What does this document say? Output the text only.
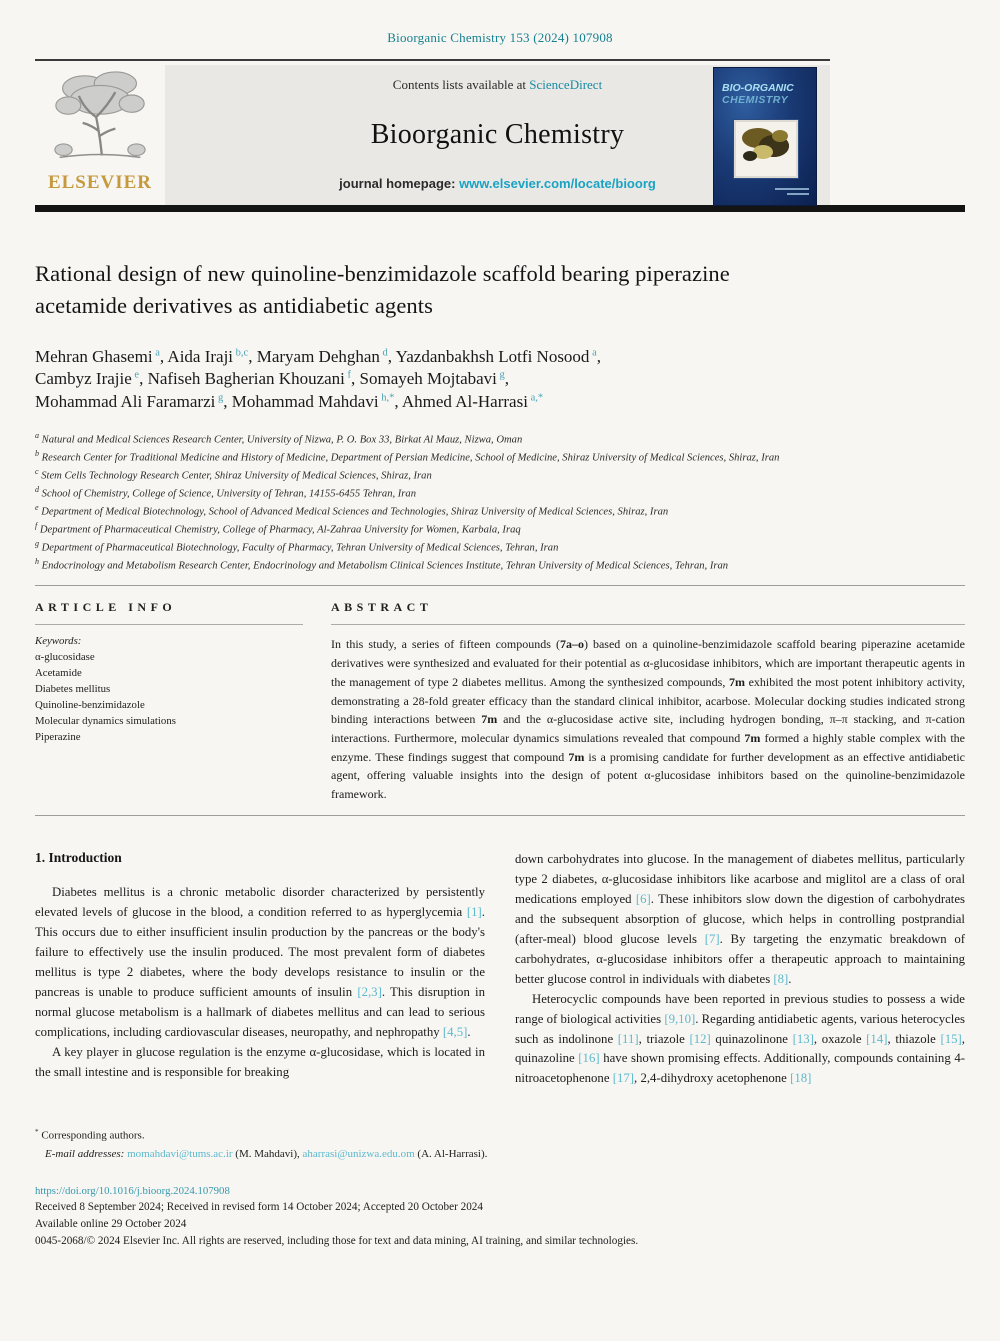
Bioorganic Chemistry 153 (2024) 107908
ELSEVIER
Contents lists available at ScienceDirect
Bioorganic Chemistry
journal homepage: www.elsevier.com/locate/bioorg
BIO-ORGANIC
CHEMISTRY
Rational design of new quinoline-benzimidazole scaffold bearing piperazine acetamide derivatives as antidiabetic agents
Mehran Ghasemi $^a$, Aida Iraji $^{b,c}$, Maryam Dehghan $^d$, Yazdanbakhsh Lotfi Nosood $^a$,
Cambyz Irajie $^e$, Nafiseh Bagherian Khouzani $^f$, Somayeh Mojtabavi $^g$,
Mohammad Ali Faramarzi $^g$, Mohammad Mahdavi $^{h,*}$, Ahmed Al-Harrasi $^{a,*}$
$^a$ Natural and Medical Sciences Research Center, University of Nizwa, P. O. Box 33, Birkat Al Mauz, Nizwa, Oman
$^b$ Research Center for Traditional Medicine and History of Medicine, Department of Persian Medicine, School of Medicine, Shiraz University of Medical Sciences, Shiraz, Iran
$^c$ Stem Cells Technology Research Center, Shiraz University of Medical Sciences, Shiraz, Iran
$^d$ School of Chemistry, College of Science, University of Tehran, 14155-6455 Tehran, Iran
$^e$ Department of Medical Biotechnology, School of Advanced Medical Sciences and Technologies, Shiraz University of Medical Sciences, Shiraz, Iran
$^f$ Department of Pharmaceutical Chemistry, College of Pharmacy, Al-Zahraa University for Women, Karbala, Iraq
$^g$ Department of Pharmaceutical Biotechnology, Faculty of Pharmacy, Tehran University of Medical Sciences, Tehran, Iran
$^h$ Endocrinology and Metabolism Research Center, Endocrinology and Metabolism Clinical Sciences Institute, Tehran University of Medical Sciences, Tehran, Iran
ARTICLE INFO
Keywords:
α-glucosidase
Acetamide
Diabetes mellitus
Quinoline-benzimidazole
Molecular dynamics simulations
Piperazine
ABSTRACT

In this study, a series of fifteen compounds (7a–o) based on a quinoline-benzimidazole scaffold bearing piperazine acetamide derivatives were synthesized and evaluated for their potential as α-glucosidase inhibitors, which are important therapeutic agents in the management of type 2 diabetes mellitus. Among the synthesized compounds, 7m exhibited the most potent inhibitory activity, demonstrating a 28-fold greater efficacy than the standard clinical inhibitor, acarbose. Molecular docking studies indicated strong binding interactions between 7m and the α-glucosidase active site, including hydrogen bonding, π–π stacking, and π-cation interactions. Furthermore, molecular dynamics simulations revealed that compound 7m formed a highly stable complex with the enzyme. These findings suggest that compound 7m is a promising candidate for further development as an effective antidiabetic agent, offering valuable insights into the design of potent α-glucosidase inhibitors based on the quinoline-benzimidazole framework.

1. Introduction

Diabetes mellitus is a chronic metabolic disorder characterized by persistently elevated levels of glucose in the blood, a condition referred to as hyperglycemia [1]. This occurs due to either insufficient insulin production by the pancreas or the body's failure to effectively use the insulin produced. The most prevalent form of diabetes mellitus is type 2 diabetes, where the body develops resistance to insulin or the pancreas is unable to produce sufficient amounts of insulin [2,3]. This disruption in normal glucose metabolism is a hallmark of diabetes mellitus and can lead to serious complications, including cardiovascular diseases, neuropathy, and nephropathy [4,5].

A key player in glucose regulation is the enzyme α-glucosidase, which is located in the small intestine and is responsible for breaking

down carbohydrates into glucose. In the management of diabetes mellitus, particularly type 2 diabetes, α-glucosidase inhibitors like acarbose and miglitol are a class of oral medications employed [6]. These inhibitors slow down the digestion of carbohydrates and the subsequent absorption of glucose, which helps in controlling postprandial (after-meal) blood glucose levels [7]. By targeting the enzymatic breakdown of carbohydrates, α-glucosidase inhibitors offer a therapeutic approach to maintaining better glucose control in individuals with diabetes [8].

Heterocyclic compounds have been reported in previous studies to possess a wide range of biological activities [9,10]. Regarding antidiabetic agents, various heterocycles such as indolinone [11], triazole [12] quinazolinone [13], oxazole [14], thiazole [15], quinazoline [16] have shown promising effects. Additionally, compounds containing 4-nitroacetophenone [17], 2,4-dihydroxy acetophenone [18]

* Corresponding authors.
E-mail addresses: momahdavi@tums.ac.ir (M. Mahdavi), aharrasi@unizwa.edu.om (A. Al-Harrasi).
https://doi.org/10.1016/j.bioorg.2024.107908
Received 8 September 2024; Received in revised form 14 October 2024; Accepted 20 October 2024
Available online 29 October 2024
0045-2068/© 2024 Elsevier Inc. All rights are reserved, including those for text and data mining, AI training, and similar technologies.
